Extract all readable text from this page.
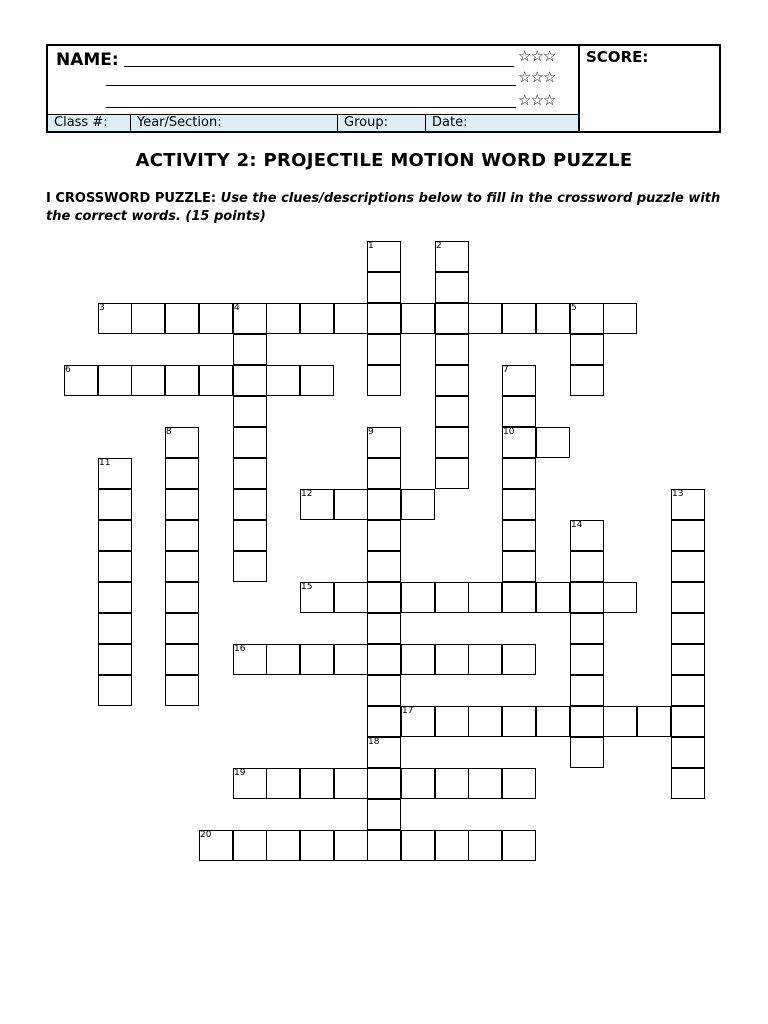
NAME:	☆☆☆
☆☆☆
☆☆☆
SCORE:
Class #:	Year/Section:	Group:	Date:
ACTIVITY 2: PROJECTILE MOTION WORD PUZZLE
I CROSSWORD PUZZLE: Use the clues/descriptions below to fill in the crossword puzzle with the correct words. (15 points)
1	2
3	4	5
6	7
10
8	9
11
12	13
14
15
16
17
18
19
20
